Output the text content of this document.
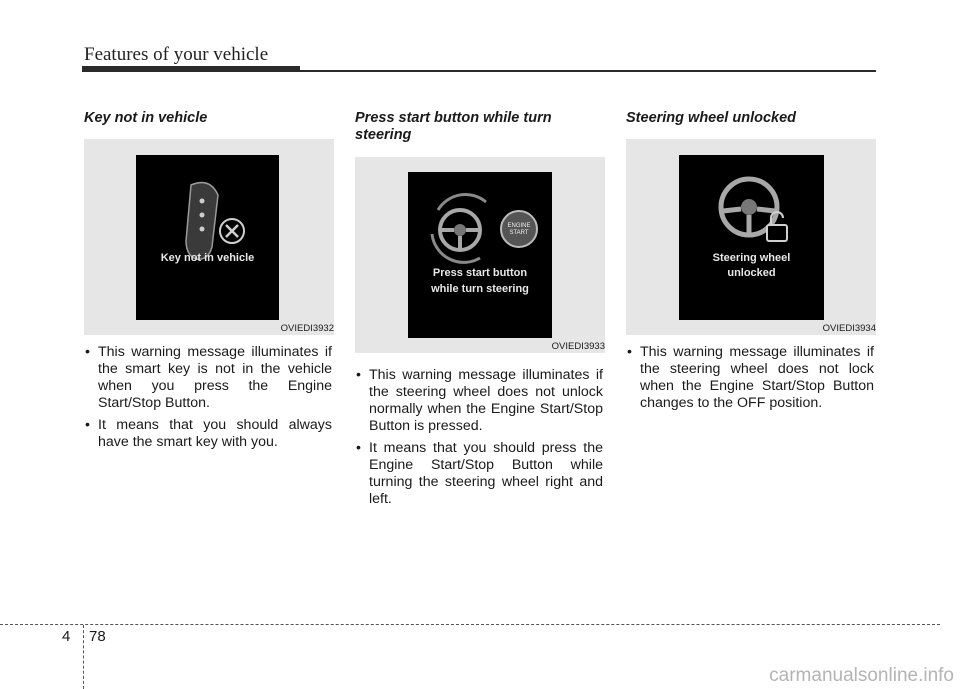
Features of your vehicle
Key not in vehicle
Key not in vehicle
OVIEDI3932
• This warning message illuminates if the smart key is not in the vehicle when you press the Engine Start/Stop Button.
• It means that you should always have the smart key with you.
Press start button while turn steering
ENGINE
START
Press start button
while turn steering
OVIEDI3933
• This warning message illuminates if the steering wheel does not unlock normally when the Engine Start/Stop Button is pressed.
• It means that you should press the Engine Start/Stop Button while turning the steering wheel right and left.
Steering wheel unlocked
Steering wheel
unlocked
OVIEDI3934
• This warning message illuminates if the steering wheel does not lock when the Engine Start/Stop Button changes to the OFF position.
4 78
carmanualsonline.info
